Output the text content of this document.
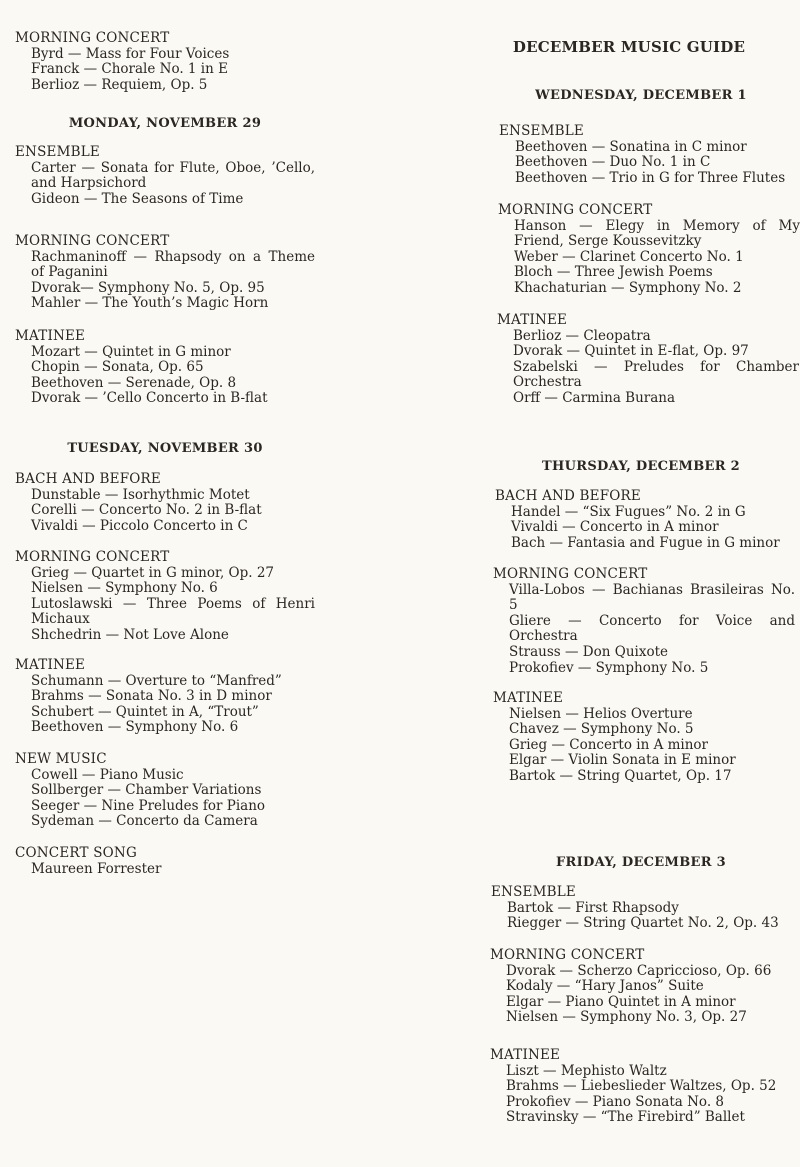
MORNING CONCERT
Byrd — Mass for Four Voices
Franck — Chorale No. 1 in E
Berlioz — Requiem, Op. 5
MONDAY, NOVEMBER 29
ENSEMBLE
Carter — Sonata for Flute, Oboe, ’Cello, and Harpsichord
Gideon — The Seasons of Time
MORNING CONCERT
Rachmaninoff — Rhapsody on a Theme of Paganini
Dvorak— Symphony No. 5, Op. 95
Mahler — The Youth’s Magic Horn
MATINEE
Mozart — Quintet in G minor
Chopin — Sonata, Op. 65
Beethoven — Serenade, Op. 8
Dvorak — ’Cello Concerto in B-flat
TUESDAY, NOVEMBER 30
BACH AND BEFORE
Dunstable — Isorhythmic Motet
Corelli — Concerto No. 2 in B-flat
Vivaldi — Piccolo Concerto in C
MORNING CONCERT
Grieg — Quartet in G minor, Op. 27
Nielsen — Symphony No. 6
Lutoslawski — Three Poems of Henri Michaux
Shchedrin — Not Love Alone
MATINEE
Schumann — Overture to “Manfred”
Brahms — Sonata No. 3 in D minor
Schubert — Quintet in A, “Trout”
Beethoven — Symphony No. 6
NEW MUSIC
Cowell — Piano Music
Sollberger — Chamber Variations
Seeger — Nine Preludes for Piano
Sydeman — Concerto da Camera
CONCERT SONG
Maureen Forrester
DECEMBER MUSIC GUIDE
WEDNESDAY, DECEMBER 1
ENSEMBLE
Beethoven — Sonatina in C minor
Beethoven — Duo No. 1 in C
Beethoven — Trio in G for Three Flutes
MORNING CONCERT
Hanson — Elegy in Memory of My Friend, Serge Koussevitzky
Weber — Clarinet Concerto No. 1
Bloch — Three Jewish Poems
Khachaturian — Symphony No. 2
MATINEE
Berlioz — Cleopatra
Dvorak — Quintet in E-flat, Op. 97
Szabelski — Preludes for Chamber Orchestra
Orff — Carmina Burana
THURSDAY, DECEMBER 2
BACH AND BEFORE
Handel — “Six Fugues” No. 2 in G
Vivaldi — Concerto in A minor
Bach — Fantasia and Fugue in G minor
MORNING CONCERT
Villa-Lobos — Bachianas Brasileiras No. 5
Gliere — Concerto for Voice and Orchestra
Strauss — Don Quixote
Prokofiev — Symphony No. 5
MATINEE
Nielsen — Helios Overture
Chavez — Symphony No. 5
Grieg — Concerto in A minor
Elgar — Violin Sonata in E minor
Bartok — String Quartet, Op. 17
FRIDAY, DECEMBER 3
ENSEMBLE
Bartok — First Rhapsody
Riegger — String Quartet No. 2, Op. 43
MORNING CONCERT
Dvorak — Scherzo Capriccioso, Op. 66
Kodaly — “Hary Janos” Suite
Elgar — Piano Quintet in A minor
Nielsen — Symphony No. 3, Op. 27
MATINEE
Liszt — Mephisto Waltz
Brahms — Liebeslieder Waltzes, Op. 52
Prokofiev — Piano Sonata No. 8
Stravinsky — “The Firebird” Ballet
